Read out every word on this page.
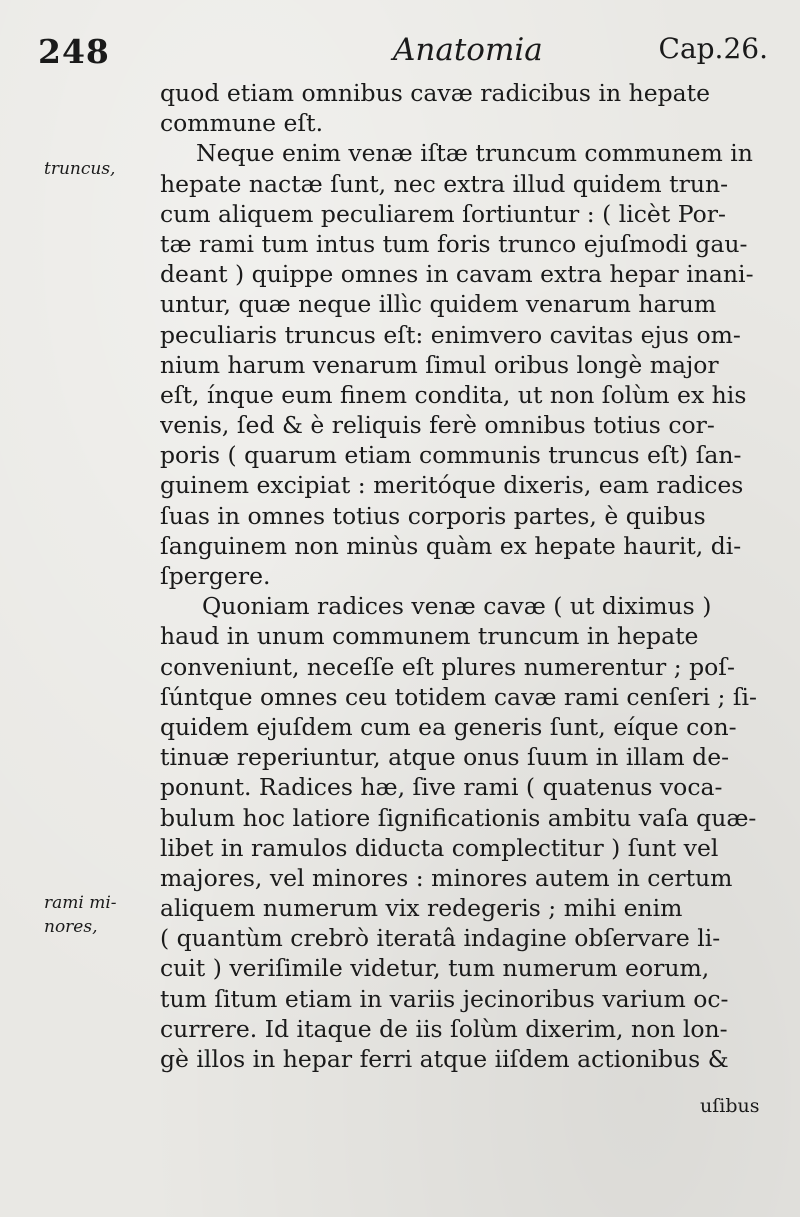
248	Anatomia	Cap.26.
truncus,
rami mi-
nores,
quod etiam omnibus cavæ radicibus in hepate
commune eſt.
Neque enim venæ iſtæ truncum communem in
hepate nactæ ſunt, nec extra illud quidem trun-
cum aliquem peculiarem ſortiuntur : ( licèt Por-
tæ rami tum intus tum foris trunco ejuſmodi gau-
deant ) quippe omnes in cavam extra hepar inani-
untur, quæ neque illìc quidem venarum harum
peculiaris truncus eſt: enimvero cavitas ejus om-
nium harum venarum ſimul oribus longè major
eſt, ínque eum finem condita, ut non ſolùm ex his
venis, ſed & è reliquis ferè omnibus totius cor-
poris ( quarum etiam communis truncus eſt) ſan-
guinem excipiat : meritóque dixeris, eam radices
ſuas in omnes totius corporis partes, è quibus
ſanguinem non minùs quàm ex hepate haurit, di-
ſpergere.
Quoniam radices venæ cavæ ( ut diximus )
haud in unum communem truncum in hepate
conveniunt, neceſſe eſt plures numerentur ; poſ-
ſúntque omnes ceu totidem cavæ rami cenſeri ; ſi-
quidem ejuſdem cum ea generis ſunt, eíque con-
tinuæ reperiuntur, atque onus ſuum in illam de-
ponunt. Radices hæ, ſive rami ( quatenus voca-
bulum hoc latiore ſignificationis ambitu vaſa quæ-
libet in ramulos diducta complectitur ) ſunt vel
majores, vel minores : minores autem in certum
aliquem numerum vix redegeris ; mihi enim
( quantùm crebrò iteratâ indagine obſervare li-
cuit ) veriſimile videtur, tum numerum eorum,
tum ſitum etiam in variis jecinoribus varium oc-
currere. Id itaque de iis ſolùm dixerim, non lon-
gè illos in hepar ferri atque iiſdem actionibus &
uſibus
